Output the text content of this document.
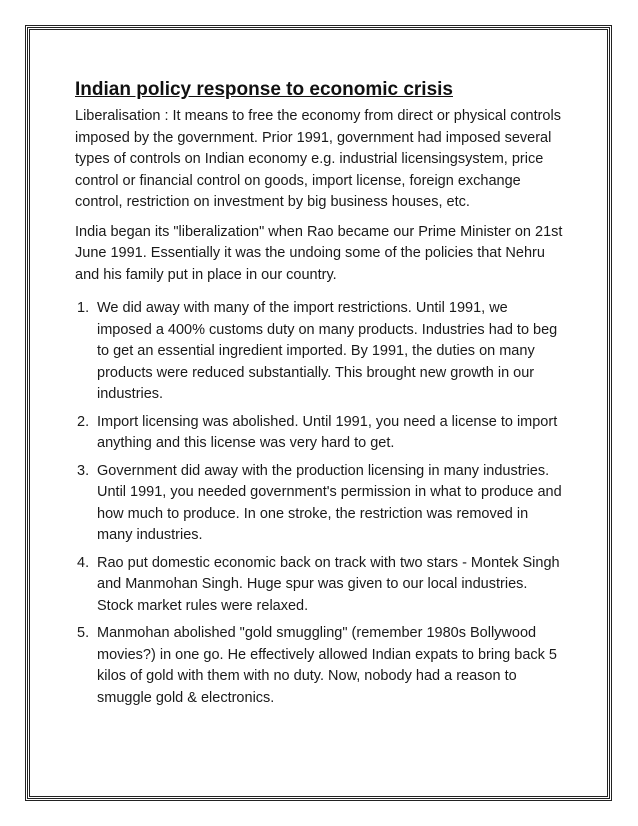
Indian policy response to economic crisis

Liberalisation : It means to free the economy from direct or physical controls imposed by the government. Prior 1991, government had imposed several types of controls on Indian economy e.g. industrial licensingsystem, price control or financial control on goods, import license, foreign exchange control, restriction on investment by big business houses, etc.

India began its "liberalization" when Rao became our Prime Minister on 21st June 1991. Essentially it was the undoing some of the policies that Nehru and his family put in place in our country.

1. We did away with many of the import restrictions. Until 1991, we imposed a 400% customs duty on many products. Industries had to beg to get an essential ingredient imported. By 1991, the duties on many products were reduced substantially. This brought new growth in our industries.
2. Import licensing was abolished. Until 1991, you need a license to import anything and this license was very hard to get.
3. Government did away with the production licensing in many industries. Until 1991, you needed government's permission in what to produce and how much to produce. In one stroke, the restriction was removed in many industries.
4. Rao put domestic economic back on track with two stars - Montek Singh and Manmohan Singh. Huge spur was given to our local industries. Stock market rules were relaxed.
5. Manmohan abolished "gold smuggling" (remember 1980s Bollywood movies?) in one go. He effectively allowed Indian expats to bring back 5 kilos of gold with them with no duty. Now, nobody had a reason to smuggle gold & electronics.
